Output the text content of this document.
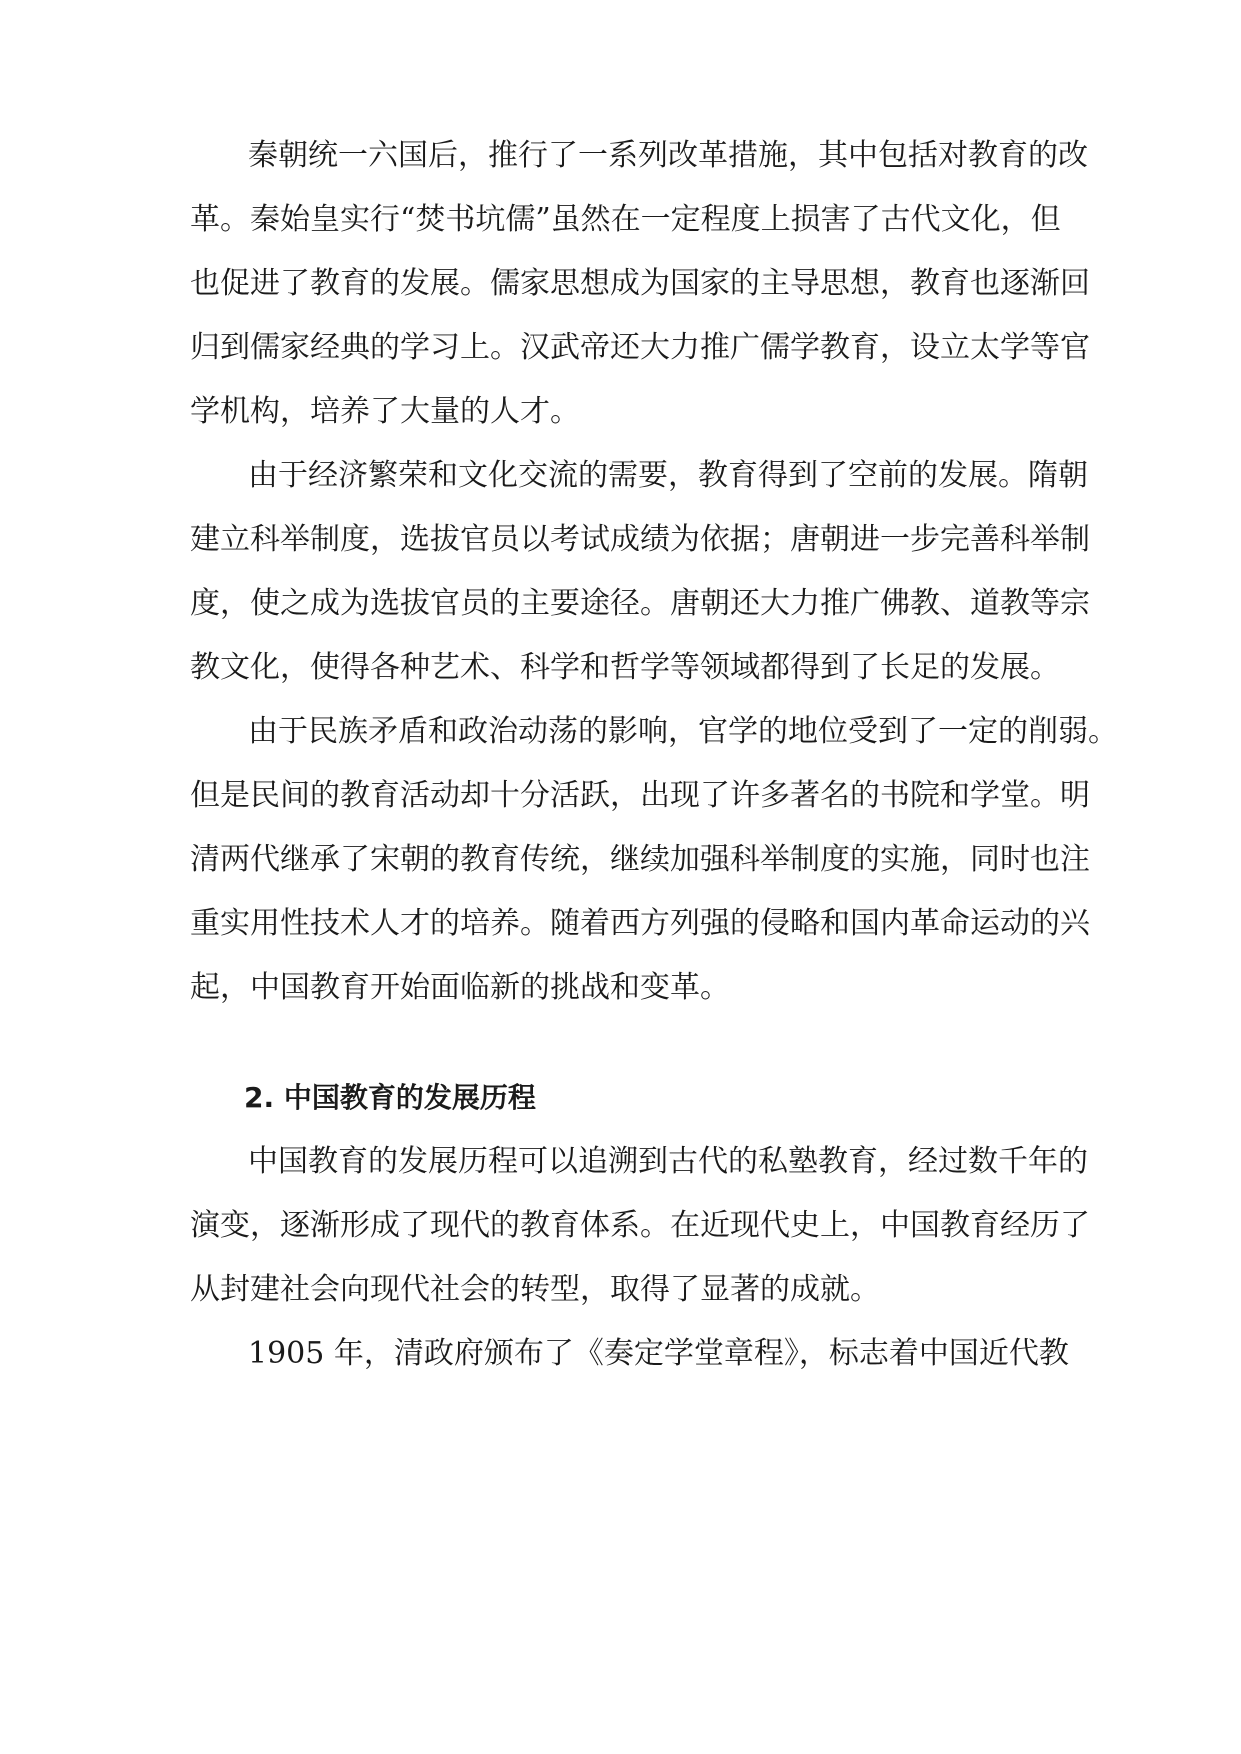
秦朝统一六国后，推行了一系列改革措施，其中包括对教育的改
革。秦始皇实行“焚书坑儒”虽然在一定程度上损害了古代文化，但
也促进了教育的发展。儒家思想成为国家的主导思想，教育也逐渐回
归到儒家经典的学习上。汉武帝还大力推广儒学教育，设立太学等官
学机构，培养了大量的人才。
由于经济繁荣和文化交流的需要，教育得到了空前的发展。隋朝
建立科举制度，选拔官员以考试成绩为依据；唐朝进一步完善科举制
度，使之成为选拔官员的主要途径。唐朝还大力推广佛教、道教等宗
教文化，使得各种艺术、科学和哲学等领域都得到了长足的发展。
由于民族矛盾和政治动荡的影响，官学的地位受到了一定的削弱。
但是民间的教育活动却十分活跃，出现了许多著名的书院和学堂。明
清两代继承了宋朝的教育传统，继续加强科举制度的实施，同时也注
重实用性技术人才的培养。随着西方列强的侵略和国内革命运动的兴
起，中国教育开始面临新的挑战和变革。
2. 中国教育的发展历程
中国教育的发展历程可以追溯到古代的私塾教育，经过数千年的
演变，逐渐形成了现代的教育体系。在近现代史上，中国教育经历了
从封建社会向现代社会的转型，取得了显著的成就。
1905 年，清政府颁布了《奏定学堂章程》，标志着中国近代教
